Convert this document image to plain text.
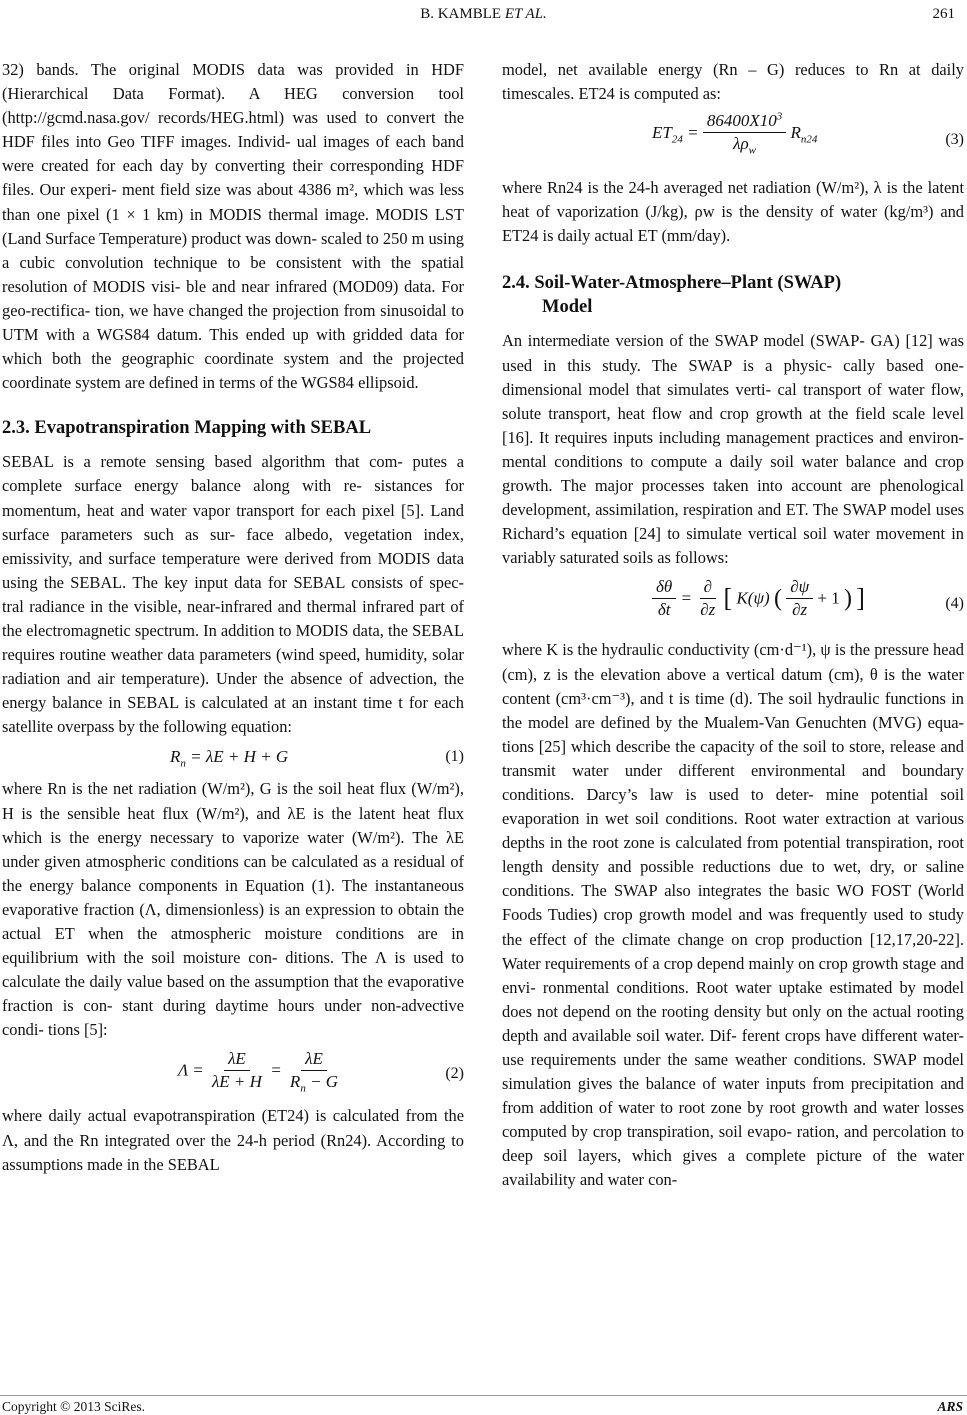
B. KAMBLE ET AL.	261

32) bands. The original MODIS data was provided in HDF (Hierarchical Data Format). A HEG conversion tool (http://gcmd.nasa.gov/ records/HEG.html) was used to convert the HDF files into Geo TIFF images. Individ- ual images of each band were created for each day by converting their corresponding HDF files. Our experi- ment field size was about 4386 m², which was less than one pixel (1 × 1 km) in MODIS thermal image. MODIS LST (Land Surface Temperature) product was down- scaled to 250 m using a cubic convolution technique to be consistent with the spatial resolution of MODIS visi- ble and near infrared (MOD09) data. For geo-rectifica- tion, we have changed the projection from sinusoidal to UTM with a WGS84 datum. This ended up with gridded data for which both the geographic coordinate system and the projected coordinate system are defined in terms of the WGS84 ellipsoid.

2.3. Evapotranspiration Mapping with SEBAL

SEBAL is a remote sensing based algorithm that com- putes a complete surface energy balance along with re- sistances for momentum, heat and water vapor transport for each pixel [5]. Land surface parameters such as sur- face albedo, vegetation index, emissivity, and surface temperature were derived from MODIS data using the SEBAL. The key input data for SEBAL consists of spec- tral radiance in the visible, near-infrared and thermal infrared part of the electromagnetic spectrum. In addition to MODIS data, the SEBAL requires routine weather data parameters (wind speed, humidity, solar radiation and air temperature). Under the absence of advection, the energy balance in SEBAL is calculated at an instant time t for each satellite overpass by the following equation:

$R_n = \lambda E + H + G$	(1)

where Rn is the net radiation (W/m²), G is the soil heat flux (W/m²), H is the sensible heat flux (W/m²), and λE is the latent heat flux which is the energy necessary to vaporize water (W/m²). The λE under given atmospheric conditions can be calculated as a residual of the energy balance components in Equation (1). The instantaneous evaporative fraction (Λ, dimensionless) is an expression to obtain the actual ET when the atmospheric moisture conditions are in equilibrium with the soil moisture con- ditions. The Λ is used to calculate the daily value based on the assumption that the evaporative fraction is con- stant during daytime hours under non-advective condi- tions [5]:

$\Lambda = \frac{\lambda E}{\lambda E + H} = \frac{\lambda E}{R_n - G}$	(2)

where daily actual evapotranspiration (ET24) is calculated from the Λ, and the Rn integrated over the 24-h period (Rn24). According to assumptions made in the SEBAL

model, net available energy (Rn – G) reduces to Rn at daily timescales. ET24 is computed as:

$ET_{24} = \frac{86400X10^3}{\lambda\rho_w} R_{n24}$	(3)

where Rn24 is the 24-h averaged net radiation (W/m²), λ is the latent heat of vaporization (J/kg), ρw is the density of water (kg/m³) and ET24 is daily actual ET (mm/day).

2.4. Soil-Water-Atmosphere–Plant (SWAP)
Model

An intermediate version of the SWAP model (SWAP- GA) [12] was used in this study. The SWAP is a physic- cally based one-dimensional model that simulates verti- cal transport of water flow, solute transport, heat flow and crop growth at the field scale level [16]. It requires inputs including management practices and environ- mental conditions to compute a daily soil water balance and crop growth. The major processes taken into account are phenological development, assimilation, respiration and ET. The SWAP model uses Richard’s equation [24] to simulate vertical soil water movement in variably saturated soils as follows:

$\frac{\delta\theta}{\delta t} = \frac{\partial}{\partial z}$ [ K(ψ) ( $\frac{\partial\psi}{\partial z} + 1$ ) ]	(4)

where K is the hydraulic conductivity (cm·d⁻¹), ψ is the pressure head (cm), z is the elevation above a vertical datum (cm), θ is the water content (cm³·cm⁻³), and t is time (d). The soil hydraulic functions in the model are defined by the Mualem-Van Genuchten (MVG) equa- tions [25] which describe the capacity of the soil to store, release and transmit water under different environmental and boundary conditions. Darcy’s law is used to deter- mine potential soil evaporation in wet soil conditions. Root water extraction at various depths in the root zone is calculated from potential transpiration, root length density and possible reductions due to wet, dry, or saline conditions. The SWAP also integrates the basic WO FOST (World Foods Tudies) crop growth model and was frequently used to study the effect of the climate change on crop production [12,17,20-22]. Water requirements of a crop depend mainly on crop growth stage and envi- ronmental conditions. Root water uptake estimated by model does not depend on the rooting density but only on the actual rooting depth and available soil water. Dif- ferent crops have different water-use requirements under the same weather conditions. SWAP model simulation gives the balance of water inputs from precipitation and from addition of water to root zone by root growth and water losses computed by crop transpiration, soil evapo- ration, and percolation to deep soil layers, which gives a complete picture of the water availability and water con-

Copyright © 2013 SciRes.	ARS
